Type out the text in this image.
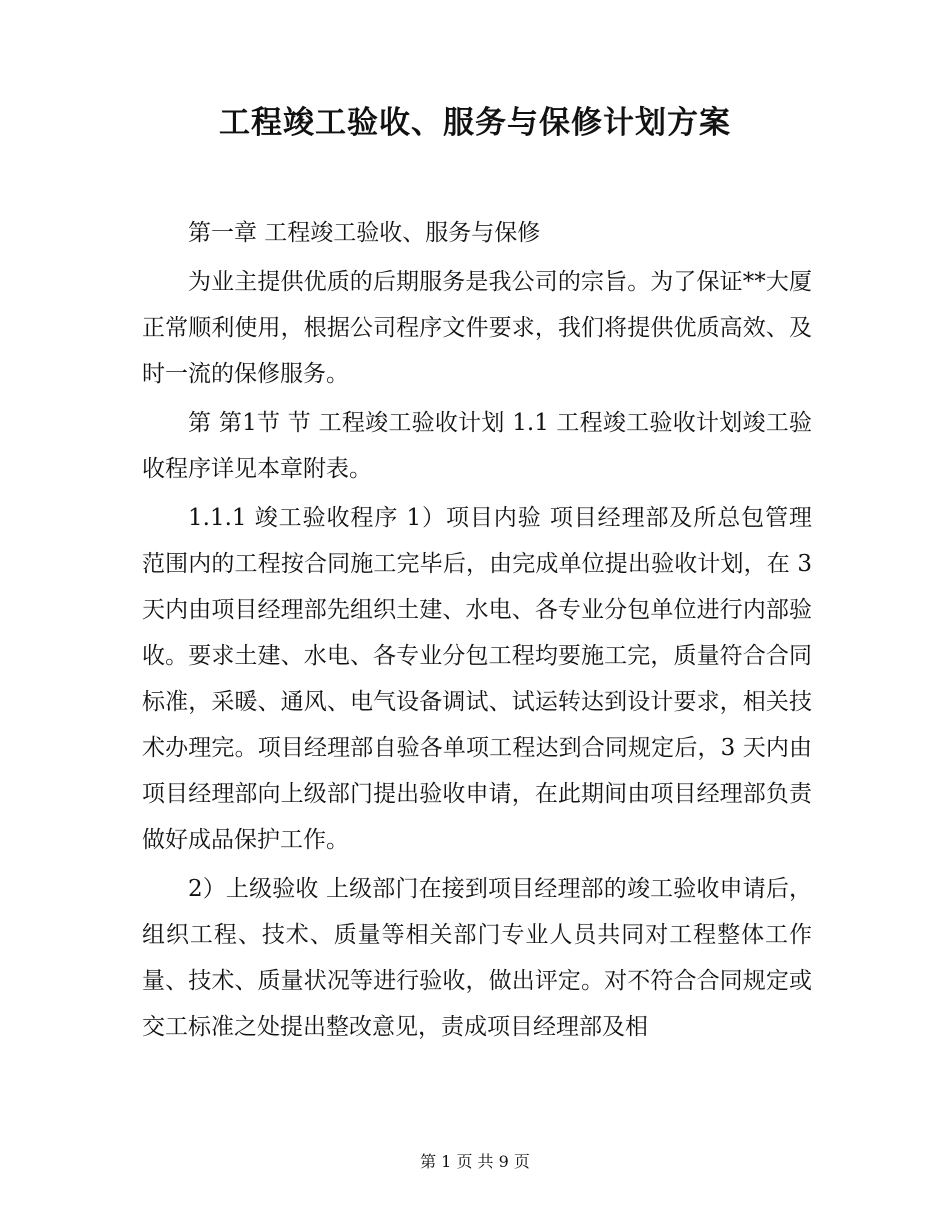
工程竣工验收、服务与保修计划方案

第一章 工程竣工验收、服务与保修

为业主提供优质的后期服务是我公司的宗旨。为了保证**大厦正常顺利使用，根据公司程序文件要求，我们将提供优质高效、及时一流的保修服务。

第 第1节 节 工程竣工验收计划 1.1 工程竣工验收计划竣工验收程序详见本章附表。

1.1.1 竣工验收程序 1）项目内验 项目经理部及所总包管理范围内的工程按合同施工完毕后，由完成单位提出验收计划，在 3 天内由项目经理部先组织土建、水电、各专业分包单位进行内部验收。要求土建、水电、各专业分包工程均要施工完，质量符合合同标准，采暖、通风、电气设备调试、试运转达到设计要求，相关技术办理完。项目经理部自验各单项工程达到合同规定后，3 天内由项目经理部向上级部门提出验收申请，在此期间由项目经理部负责做好成品保护工作。

2）上级验收 上级部门在接到项目经理部的竣工验收申请后，组织工程、技术、质量等相关部门专业人员共同对工程整体工作量、技术、质量状况等进行验收，做出评定。对不符合合同规定或交工标准之处提出整改意见，责成项目经理部及相

第 1 页 共 9 页
